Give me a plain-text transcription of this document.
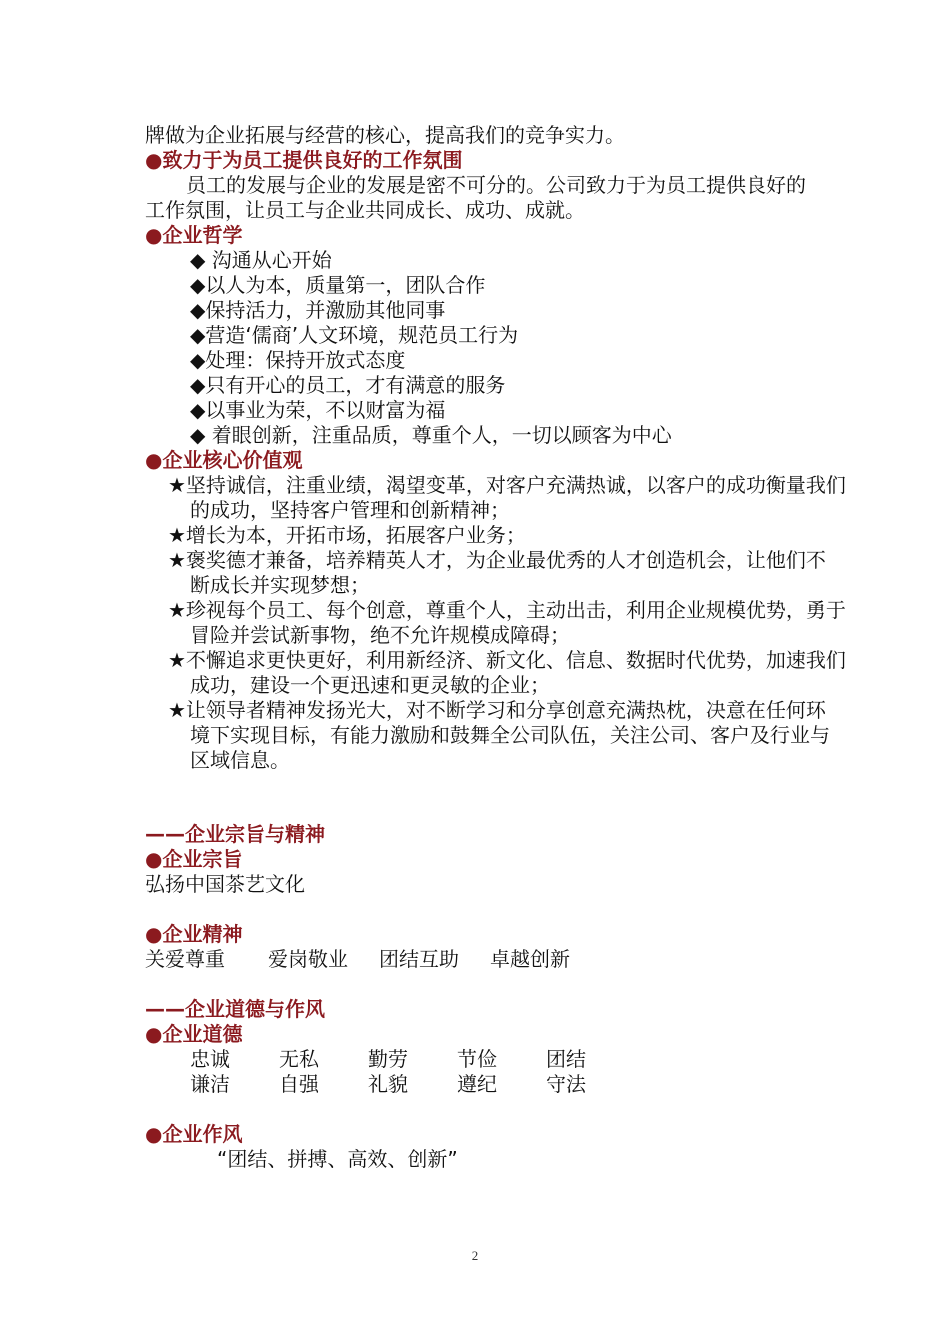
牌做为企业拓展与经营的核心，提高我们的竞争实力。
●致力于为员工提供良好的工作氛围
员工的发展与企业的发展是密不可分的。公司致力于为员工提供良好的
工作氛围，让员工与企业共同成长、成功、成就。
●企业哲学
◆ 沟通从心开始
◆以人为本，质量第一，团队合作
◆保持活力，并激励其他同事
◆营造‘儒商’人文环境，规范员工行为
◆处理：保持开放式态度
◆只有开心的员工，才有满意的服务
◆以事业为荣，不以财富为福
◆ 着眼创新，注重品质，尊重个人，一切以顾客为中心
●企业核心价值观
★坚持诚信，注重业绩，渴望变革，对客户充满热诚，以客户的成功衡量我们
的成功，坚持客户管理和创新精神；
★增长为本，开拓市场，拓展客户业务；
★褒奖德才兼备，培养精英人才，为企业最优秀的人才创造机会，让他们不
断成长并实现梦想；
★珍视每个员工、每个创意，尊重个人，主动出击，利用企业规模优势，勇于
冒险并尝试新事物，绝不允许规模成障碍；
★不懈追求更快更好，利用新经济、新文化、信息、数据时代优势，加速我们
成功，建设一个更迅速和更灵敏的企业；
★让领导者精神发扬光大，对不断学习和分享创意充满热枕，决意在任何环
境下实现目标，有能力激励和鼓舞全公司队伍，关注公司、客户及行业与
区域信息。
——企业宗旨与精神
●企业宗旨
弘扬中国茶艺文化
●企业精神
关爱尊重 爱岗敬业 团结互助 卓越创新
——企业道德与作风
●企业道德
忠诚 无私 勤劳 节俭 团结
谦洁 自强 礼貌 遵纪 守法
●企业作风
“团结、拼搏、高效、创新”
2
